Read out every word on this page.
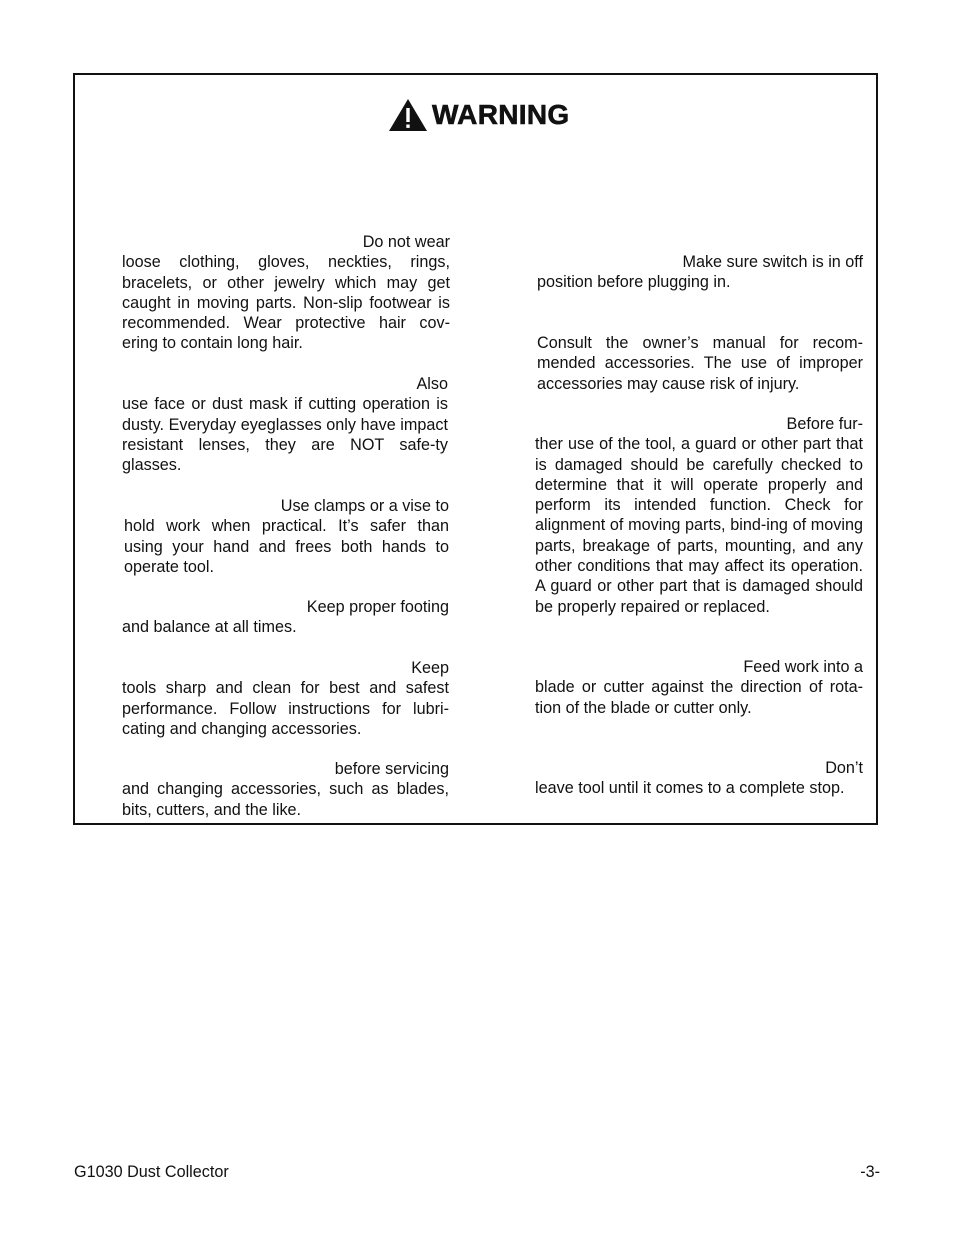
WARNING

Do not wear
loose clothing, gloves, neckties, rings, bracelets, or other jewelry which may get caught in moving parts. Non-slip footwear is recommended. Wear protective hair cov-ering to contain long hair.

Also
use face or dust mask if cutting operation is dusty. Everyday eyeglasses only have impact resistant lenses, they are NOT safe-ty glasses.

Use clamps or a vise to
hold work when practical. It’s safer than using your hand and frees both hands to operate tool.

Keep proper footing
and balance at all times.

Keep
tools sharp and clean for best and safest performance. Follow instructions for lubri-cating and changing accessories.

before servicing
and changing accessories, such as blades, bits, cutters, and the like.

Make sure switch is in off
position before plugging in.

Consult the owner’s manual for recom-mended accessories. The use of improper accessories may cause risk of injury.

Before fur-
ther use of the tool, a guard or other part that is damaged should be carefully checked to determine that it will operate properly and perform its intended function. Check for alignment of moving parts, bind-ing of moving parts, breakage of parts, mounting, and any other conditions that may affect its operation. A guard or other part that is damaged should be properly repaired or replaced.

Feed work into a
blade or cutter against the direction of rota-tion of the blade or cutter only.

Don’t
leave tool until it comes to a complete stop.

G1030 Dust Collector	-3-
